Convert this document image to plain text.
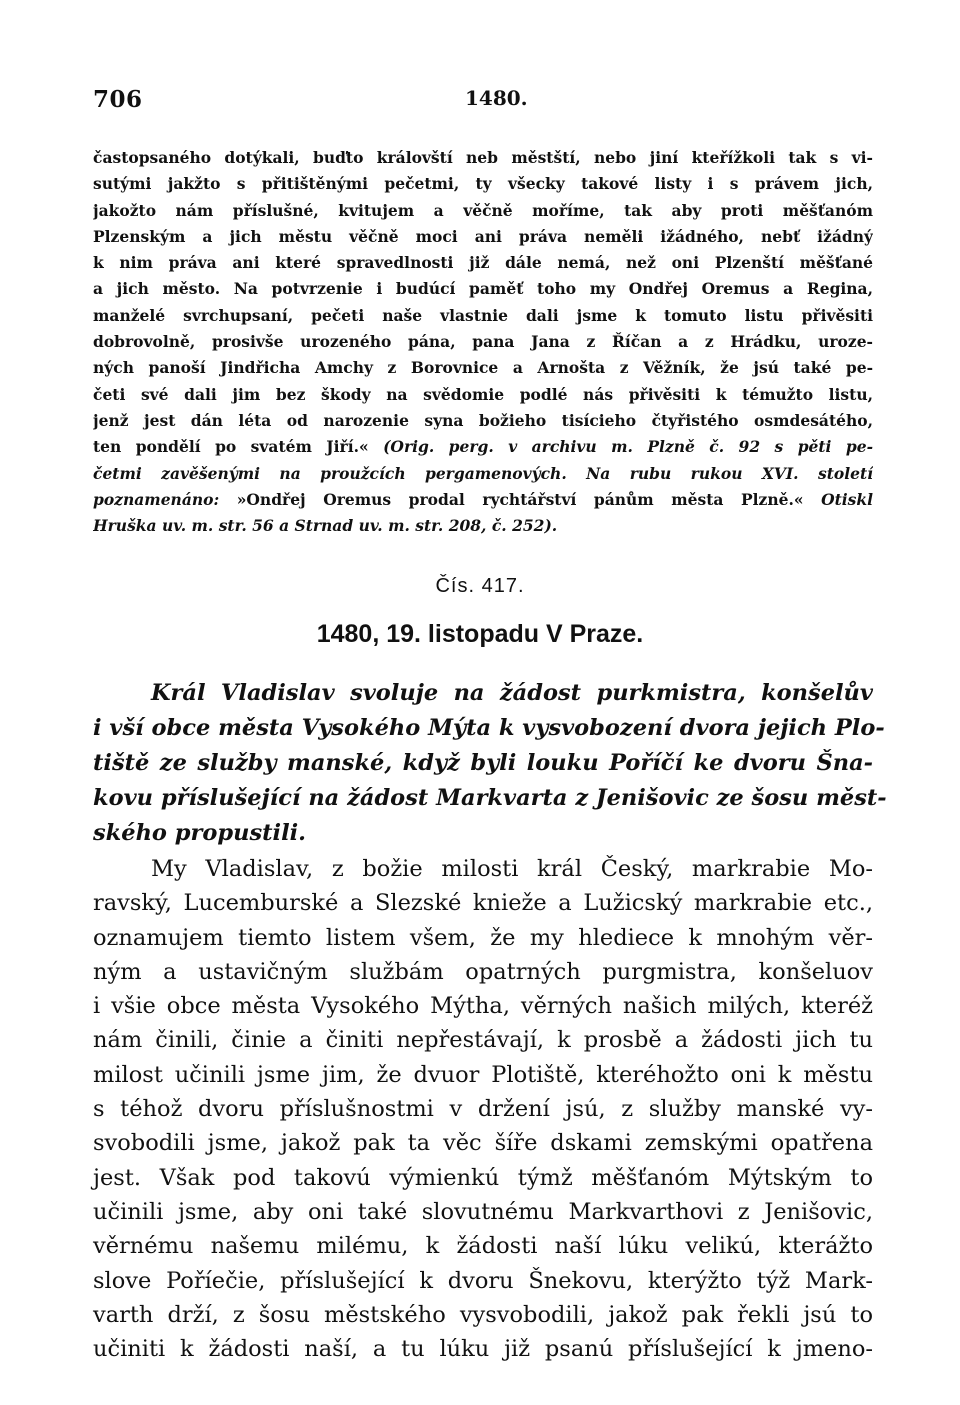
706	1480.
častopsaného dotýkali, buďto královští neb městští, nebo jiní kteřížkoli tak s vi-
sutými jakžto s přitištěnými pečetmi, ty všecky takové listy i s právem jich,
jakožto nám příslušné, kvitujem a věčně moříme, tak aby proti měšťanóm
Plzenským a jich městu věčně moci ani práva neměli ižádného, nebť ižádný
k nim práva ani které spravedlnosti již dále nemá, než oni Plzenští měšťané
a jich město. Na potvrzenie i budúcí paměť toho my Ondřej Oremus a Regina,
manželé svrchupsaní, pečeti naše vlastnie dali jsme k tomuto listu přivěsiti
dobrovolně, prosivše urozeného pána, pana Jana z Říčan a z Hrádku, uroze-
ných panoší Jindřicha Amchy z Borovnice a Arnošta z Věžník, že jsú také pe-
četi své dali jim bez škody na svědomie podlé nás přivěsiti k témužto listu,
jenž jest dán léta od narozenie syna božieho tisícieho čtyřistého osmdesátého,
ten pondělí po svatém Jiří.« (Orig. perg. v archivu m. Plzně č. 92 s pěti pe-
četmi zavěšenými na proužcích pergamenových. Na rubu rukou XVI. století
poznamenáno: »Ondřej Oremus prodal rychtářství pánům města Plzně.« Otiskl
Hruška uv. m. str. 56 a Strnad uv. m. str. 208, č. 252).
Čís. 417.
1480, 19. listopadu V Praze.
Král Vladislav svoluje na žádost purkmistra, konšelův
i vší obce města Vysokého Mýta k vysvobození dvora jejich Plo-
tiště ze služby manské, když byli louku Poříčí ke dvoru Šna-
kovu příslušející na žádost Markvarta z Jenišovic ze šosu měst-
ského propustili.
My Vladislav, z božie milosti král Český, markrabie Mo-
ravský, Lucemburské a Slezské knieže a Lužicský markrabie etc.,
oznamujem tiemto listem všem, že my hlediece k mnohým věr-
ným a ustavičným službám opatrných purgmistra, konšeluov
i všie obce města Vysokého Mýtha, věrných našich milých, kteréž
nám činili, činie a činiti nepřestávají, k prosbě a žádosti jich tu
milost učinili jsme jim, že dvuor Plotiště, kteréhožto oni k městu
s téhož dvoru příslušnostmi v držení jsú, z služby manské vy-
svobodili jsme, jakož pak ta věc šíře dskami zemskými opatřena
jest. Však pod takovú výmienkú týmž měšťanóm Mýtským to
učinili jsme, aby oni také slovutnému Markvarthovi z Jenišovic,
věrnému našemu milému, k žádosti naší lúku velikú, kterážto
slove Poříečie, příslušející k dvoru Šnekovu, kterýžto týž Mark-
varth drží, z šosu městského vysvobodili, jakož pak řekli jsú to
učiniti k žádosti naší, a tu lúku již psanú příslušející k jmeno-
